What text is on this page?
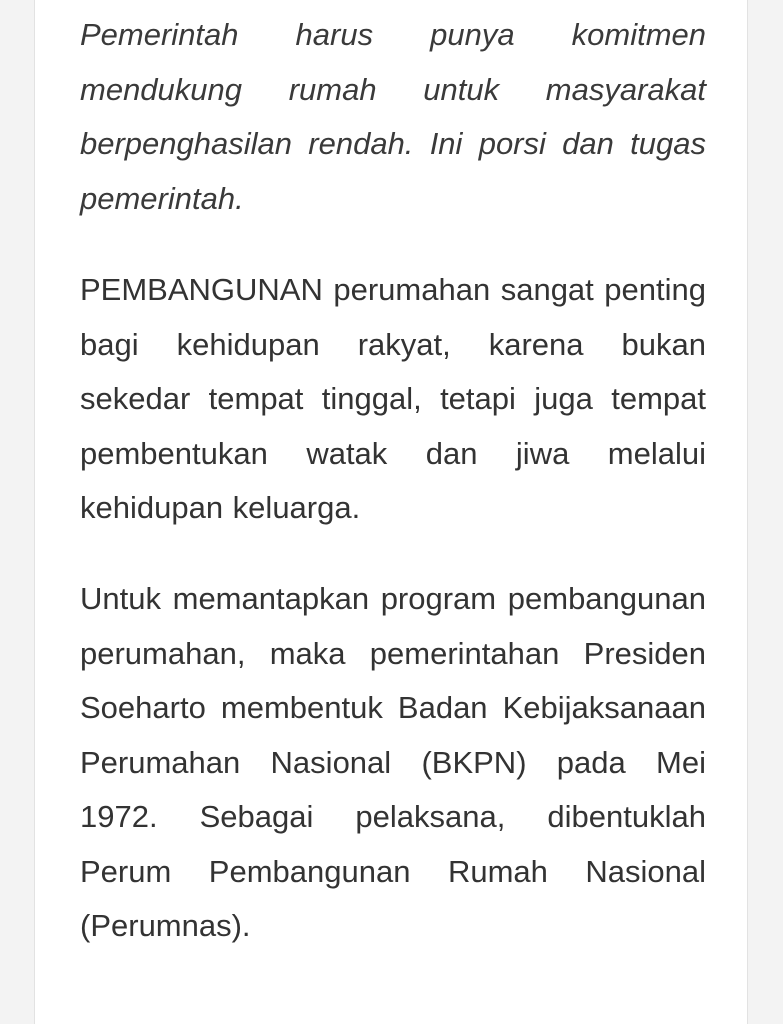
Pemerintah harus punya komitmen mendukung rumah untuk masyarakat berpenghasilan rendah. Ini porsi dan tugas pemerintah.

PEMBANGUNAN perumahan sangat penting bagi kehidupan rakyat, karena bukan sekedar tempat tinggal, tetapi juga tempat pembentukan watak dan jiwa melalui kehidupan keluarga.

Untuk memantapkan program pembangunan perumahan, maka pemerintahan Presiden Soeharto membentuk Badan Kebijaksanaan Perumahan Nasional (BKPN) pada Mei 1972. Sebagai pelaksana, dibentuklah Perum Pembangunan Rumah Nasional (Perumnas).
